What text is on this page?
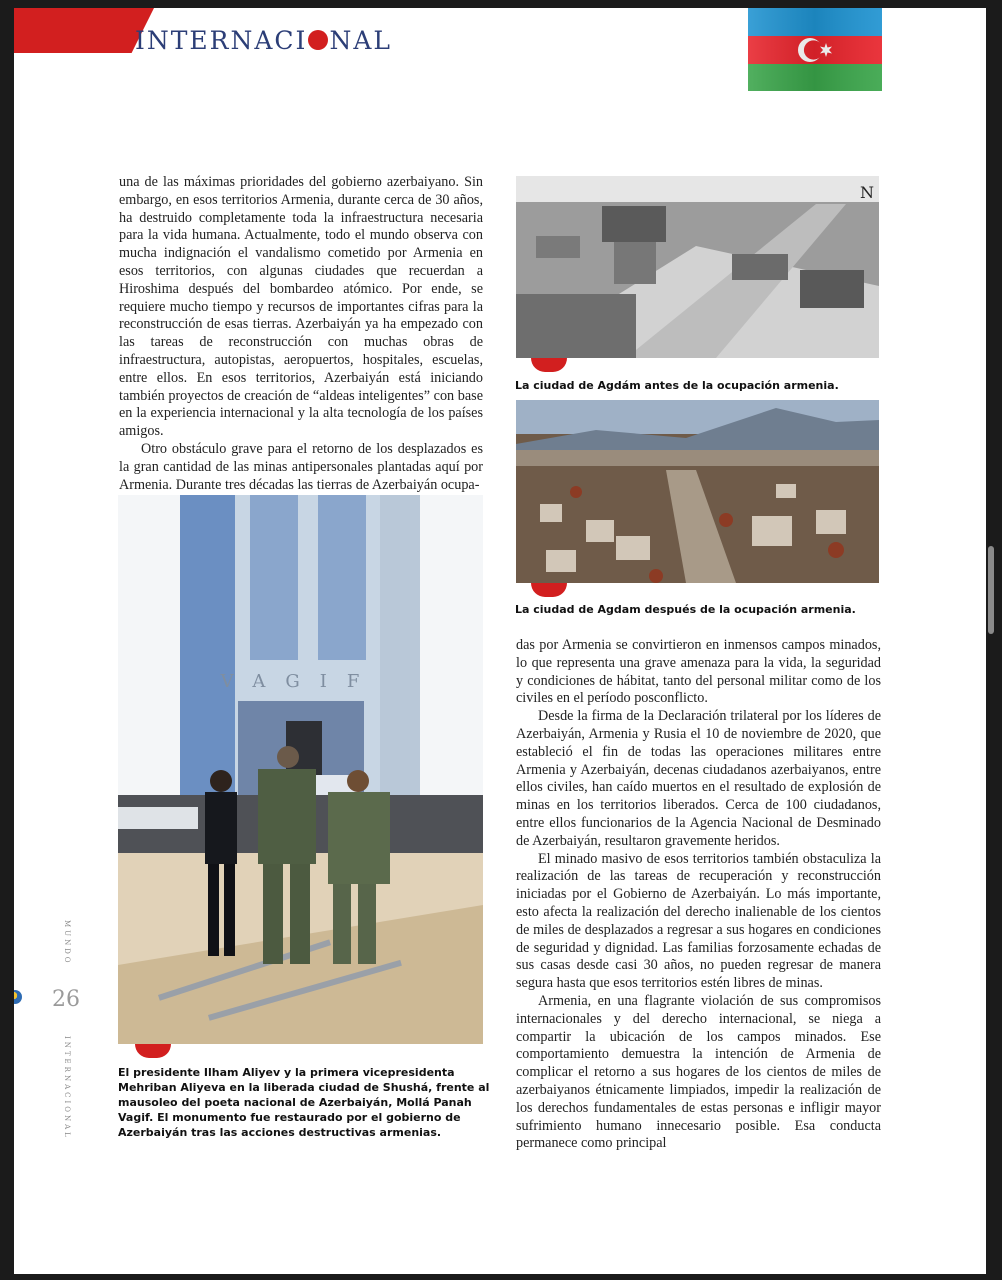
INTERNACI NAL

una de las máximas prioridades del gobierno azerbaiyano. Sin embargo, en esos territorios Armenia, durante cerca de 30 años, ha destruido completamente toda la infraestructura necesaria para la vida humana. Actualmente, todo el mundo observa con mucha indignación el vandalismo cometido por Armenia en esos territorios, con algunas ciudades que recuerdan a Hiroshima después del bombardeo atómico. Por ende, se requiere mucho tiempo y recursos de importantes cifras para la reconstrucción de esas tierras. Azerbaiyán ya ha empezado con las tareas de reconstrucción con muchas obras de infraestructura, autopistas, aeropuertos, hospitales, escuelas, entre ellos. En esos territorios, Azerbaiyán está iniciando también proyectos de creación de “aldeas inteligentes” con base en la experiencia internacional y la alta tecnología de los países amigos.

Otro obstáculo grave para el retorno de los desplazados es la gran cantidad de las minas antipersonales plantadas aquí por Armenia. Durante tres décadas las tierras de Azerbaiyán ocupa-

VAGIF
El presidente Ilham Aliyev y la primera vicepresidenta Mehriban Aliyeva en la liberada ciudad de Shushá, frente al mausoleo del poeta nacional de Azerbaiyán, Mollá Panah Vagif. El monumento fue restaurado por el gobierno de Azerbaiyán tras las acciones destructivas armenias.
N
La ciudad de Agdám antes de la ocupación armenia.
La ciudad de Agdam después de la ocupación armenia.

das por Armenia se convirtieron en inmensos campos minados, lo que representa una grave amenaza para la vida, la seguridad y condiciones de hábitat, tanto del personal militar como de los civiles en el período posconflicto.

Desde la firma de la Declaración trilateral por los líderes de Azerbaiyán, Armenia y Rusia el 10 de noviembre de 2020, que estableció el fin de todas las operaciones militares entre Armenia y Azerbaiyán, decenas ciudadanos azerbaiyanos, entre ellos civiles, han caído muertos en el resultado de explosión de minas en los territorios liberados. Cerca de 100 ciudadanos, entre ellos funcionarios de la Agencia Nacional de Desminado de Azerbaiyán, resultaron gravemente heridos.

El minado masivo de esos territorios también obstaculiza la realización de las tareas de recuperación y reconstrucción iniciadas por el Gobierno de Azerbaiyán. Lo más importante, esto afecta la realización del derecho inalienable de los cientos de miles de desplazados a regresar a sus hogares en condiciones de seguridad y dignidad. Las familias forzosamente echadas de sus casas desde casi 30 años, no pueden regresar de manera segura hasta que esos territorios estén libres de minas.

Armenia, en una flagrante violación de sus compromisos internacionales y del derecho internacional, se niega a compartir la ubicación de los campos minados. Ese comportamiento demuestra la intención de Armenia de complicar el retorno a sus hogares de los cientos de miles de azerbaiyanos étnicamente limpiados, impedir la realización de los derechos fundamentales de estas personas e infligir mayor sufrimiento humano innecesario posible. Esa conducta permanece como principal

MUNDO
26
INTERNACIONAL
